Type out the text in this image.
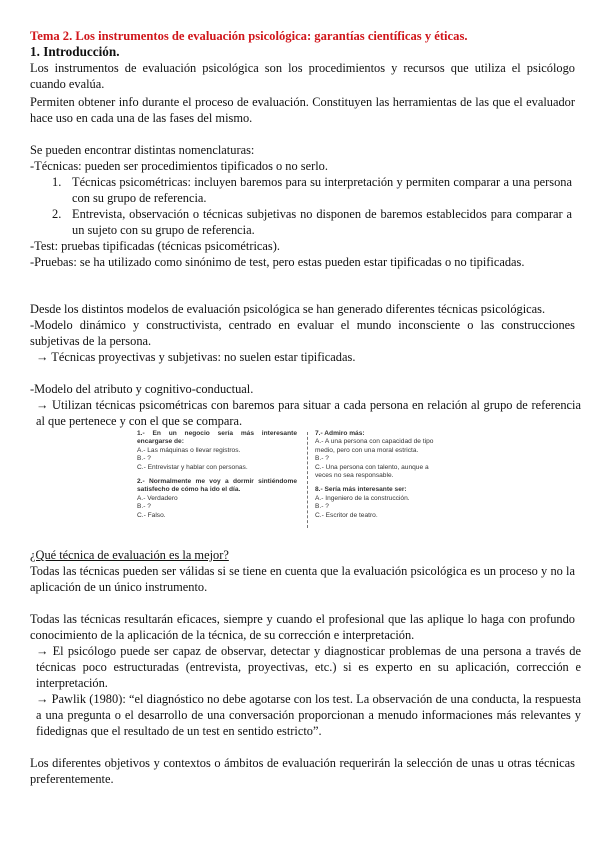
Tema 2. Los instrumentos de evaluación psicológica: garantías científicas y éticas.
1. Introducción.
Los instrumentos de evaluación psicológica son los procedimientos y recursos que utiliza el psicólogo cuando evalúa.
Permiten obtener info durante el proceso de evaluación. Constituyen las herramientas de las que el evaluador hace uso en cada una de las fases del mismo.
Se pueden encontrar distintas nomenclaturas:
-Técnicas: pueden ser procedimientos tipificados o no serlo.
1. Técnicas psicométricas: incluyen baremos para su interpretación y permiten comparar a una persona con su grupo de referencia.
2. Entrevista, observación o técnicas subjetivas no disponen de baremos establecidos para comparar a un sujeto con su grupo de referencia.
-Test: pruebas tipificadas (técnicas psicométricas).
-Pruebas: se ha utilizado como sinónimo de test, pero estas pueden estar tipificadas o no tipificadas.
Desde los distintos modelos de evaluación psicológica se han generado diferentes técnicas psicológicas.
-Modelo dinámico y constructivista, centrado en evaluar el mundo inconsciente o las construcciones subjetivas de la persona.
→ Técnicas proyectivas y subjetivas: no suelen estar tipificadas.
-Modelo del atributo y cognitivo-conductual.
→ Utilizan técnicas psicométricas con baremos para situar a cada persona en relación al grupo de referencia al que pertenece y con el que se compara.
1.- En un negocio sería más interesante encargarse de:
A.- Las máquinas o llevar registros.
B.- ?
C.- Entrevistar y hablar con personas.
2.- Normalmente me voy a dormir sintiéndome satisfecho de cómo ha ido el día.
A.- Verdadero
B.- ?
C.- Falso.
7.- Admiro más:
A.- A una persona con capacidad de tipo medio, pero con una moral estricta.
B.- ?
C.- Una persona con talento, aunque a veces no sea responsable.
8.- Sería más interesante ser:
A.- Ingeniero de la construcción.
B.- ?
C.- Escritor de teatro.
¿Qué técnica de evaluación es la mejor?
Todas las técnicas pueden ser válidas si se tiene en cuenta que la evaluación psicológica es un proceso y no la aplicación de un único instrumento.
Todas las técnicas resultarán eficaces, siempre y cuando el profesional que las aplique lo haga con profundo conocimiento de la aplicación de la técnica, de su corrección e interpretación.
→ El psicólogo puede ser capaz de observar, detectar y diagnosticar problemas de una persona a través de técnicas poco estructuradas (entrevista, proyectivas, etc.) si es experto en su aplicación, corrección e interpretación.
→ Pawlik (1980): “el diagnóstico no debe agotarse con los test. La observación de una conducta, la respuesta a una pregunta o el desarrollo de una conversación proporcionan a menudo informaciones más relevantes y fidedignas que el resultado de un test en sentido estricto”.
Los diferentes objetivos y contextos o ámbitos de evaluación requerirán la selección de unas u otras técnicas preferentemente.
